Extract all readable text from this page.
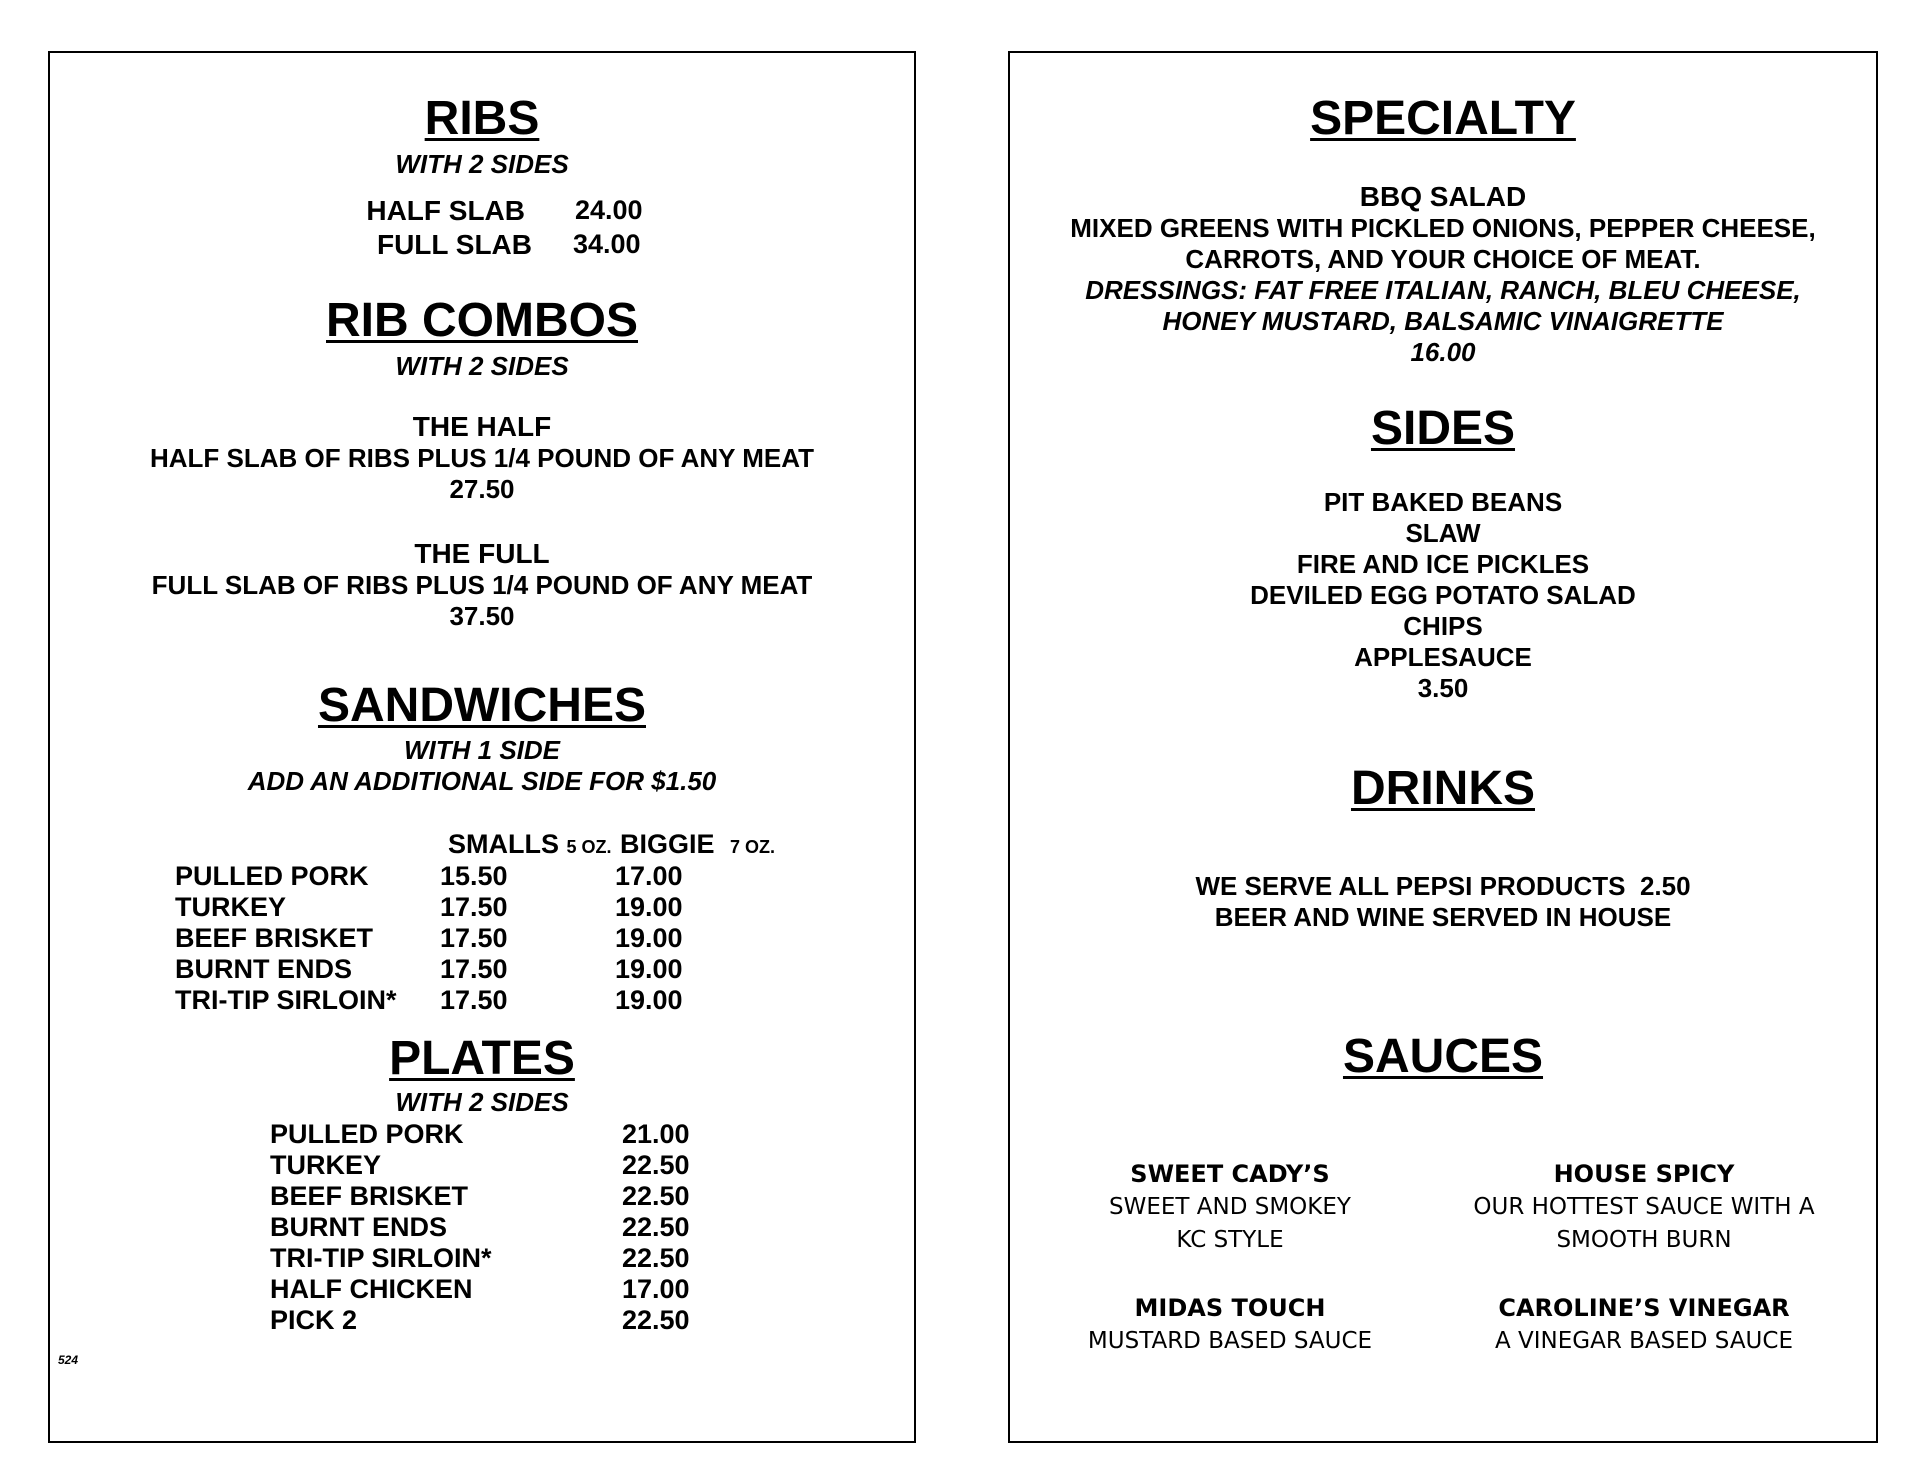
RIBS
WITH 2 SIDES
HALF SLAB 24.00
FULL SLAB 34.00
RIB COMBOS
WITH 2 SIDES
THE HALF
HALF SLAB OF RIBS PLUS 1/4 POUND OF ANY MEAT
27.50
THE FULL
FULL SLAB OF RIBS PLUS 1/4 POUND OF ANY MEAT
37.50
SANDWICHES
WITH 1 SIDE
ADD AN ADDITIONAL SIDE FOR $1.50
SMALLS 5 OZ. BIGGIE 7 OZ.
PULLED PORK	15.50	17.00
TURKEY	17.50	19.00
BEEF BRISKET 17.50	19.00
BURNT ENDS	17.50	19.00
TRI-TIP SIRLOIN* 17.50	19.00
PLATES
WITH 2 SIDES
PULLED PORK	21.00
TURKEY	22.50
BEEF BRISKET	22.50
BURNT ENDS	22.50
TRI-TIP SIRLOIN*	22.50
HALF CHICKEN	17.00
PICK 2	22.50
524
SPECIALTY
BBQ SALAD
MIXED GREENS WITH PICKLED ONIONS, PEPPER CHEESE,
CARROTS, AND YOUR CHOICE OF MEAT.
DRESSINGS: FAT FREE ITALIAN, RANCH, BLEU CHEESE,
HONEY MUSTARD, BALSAMIC VINAIGRETTE
16.00
SIDES
PIT BAKED BEANS
SLAW
FIRE AND ICE PICKLES
DEVILED EGG POTATO SALAD
CHIPS
APPLESAUCE
3.50
DRINKS
WE SERVE ALL PEPSI PRODUCTS  2.50
BEER AND WINE SERVED IN HOUSE
SAUCES
SWEET CADY’S
SWEET AND SMOKEY
KC STYLE
HOUSE SPICY
OUR HOTTEST SAUCE WITH A
SMOOTH BURN
MIDAS TOUCH
MUSTARD BASED SAUCE
CAROLINE’S VINEGAR
A VINEGAR BASED SAUCE
